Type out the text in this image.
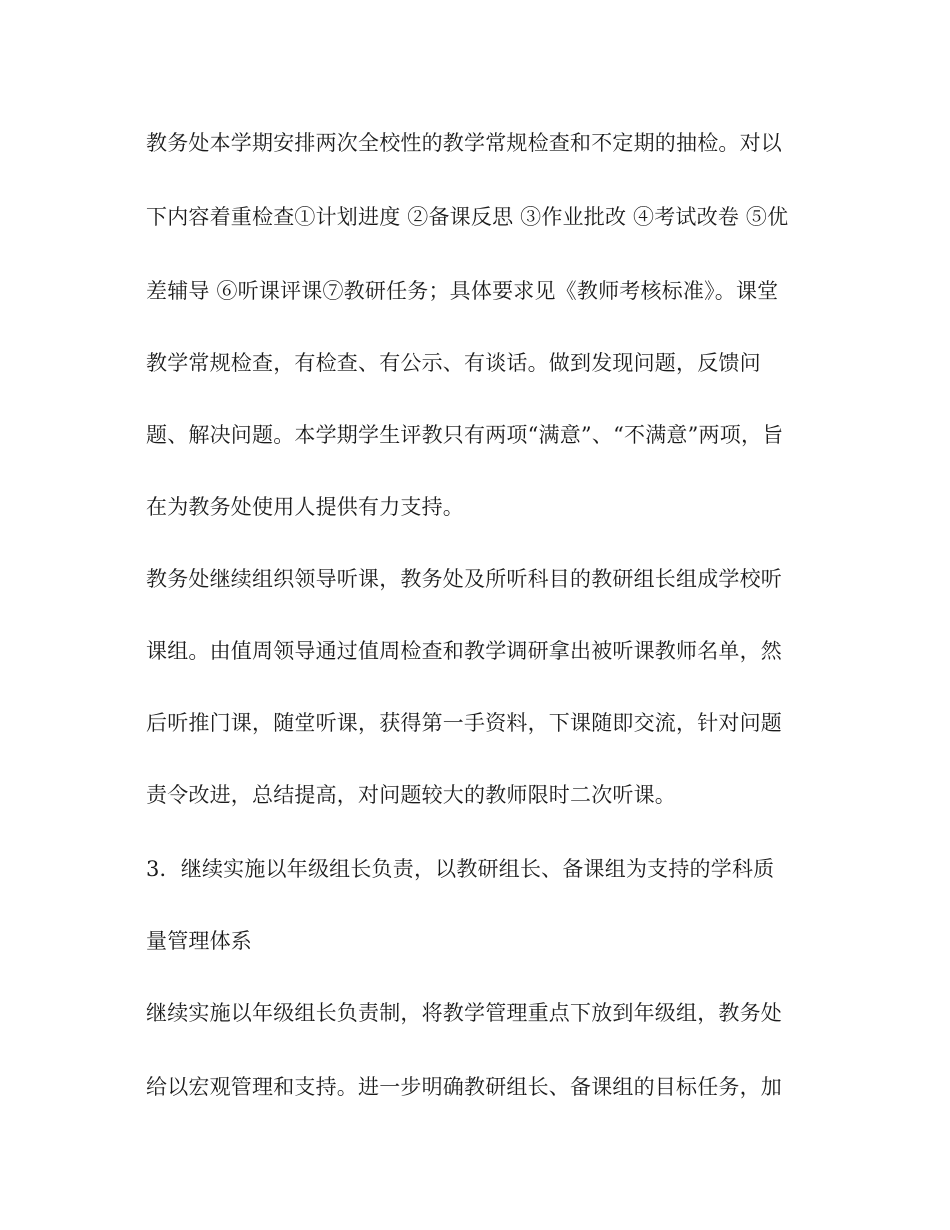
教务处本学期安排两次全校性的教学常规检查和不定期的抽检。对以
下内容着重检查①计划进度 ②备课反思 ③作业批改 ④考试改卷 ⑤优
差辅导 ⑥听课评课⑦教研任务；具体要求见《教师考核标准》。课堂
教学常规检查，有检查、有公示、有谈话。做到发现问题，反馈问
题、解决问题。本学期学生评教只有两项“满意”、“不满意”两项，旨
在为教务处使用人提供有力支持。
教务处继续组织领导听课，教务处及所听科目的教研组长组成学校听
课组。由值周领导通过值周检查和教学调研拿出被听课教师名单，然
后听推门课，随堂听课，获得第一手资料，下课随即交流，针对问题
责令改进，总结提高，对问题较大的教师限时二次听课。
3．继续实施以年级组长负责，以教研组长、备课组为支持的学科质
量管理体系
继续实施以年级组长负责制，将教学管理重点下放到年级组，教务处
给以宏观管理和支持。进一步明确教研组长、备课组的目标任务，加
